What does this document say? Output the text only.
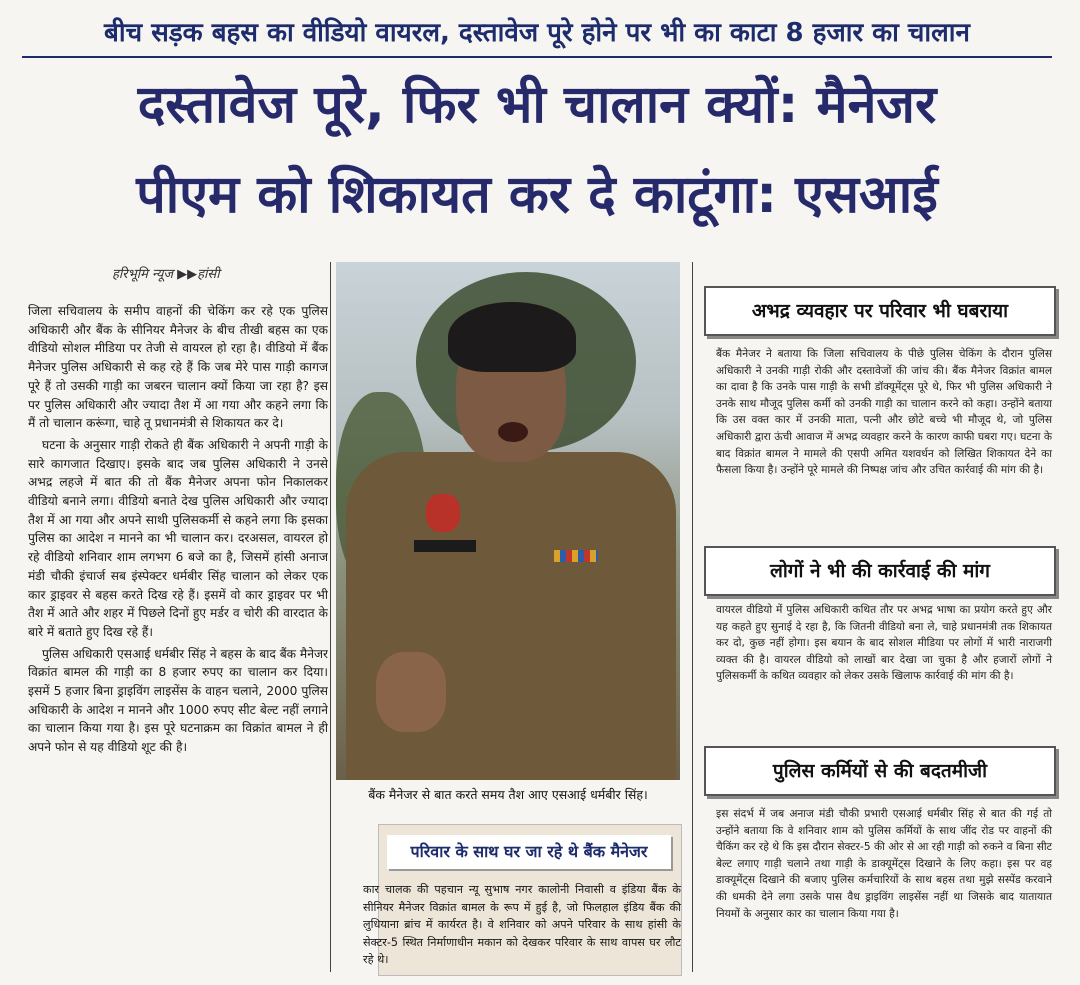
बीच सड़क बहस का वीडियो वायरल, दस्तावेज पूरे होने पर भी का काटा 8 हजार का चालान
दस्तावेज पूरे, फिर भी चालान क्यों: मैनेजर
पीएम को शिकायत कर दे काटूंगा: एसआई
हरिभूमि न्यूज ▶▶हांसी

जिला सचिवालय के समीप वाहनों की चेकिंग कर रहे एक पुलिस अधिकारी और बैंक के सीनियर मैनेजर के बीच तीखी बहस का एक वीडियो सोशल मीडिया पर तेजी से वायरल हो रहा है। वीडियो में बैंक मैनेजर पुलिस अधिकारी से कह रहे हैं कि जब मेरे पास गाड़ी कागज पूरे हैं तो उसकी गाड़ी का जबरन चालान क्यों किया जा रहा है? इस पर पुलिस अधिकारी और ज्यादा तैश में आ गया और कहने लगा कि मैं तो चालान करूंगा, चाहे तू प्रधानमंत्री से शिकायत कर दे।

घटना के अनुसार गाड़ी रोकते ही बैंक अधिकारी ने अपनी गाड़ी के सारे कागजात दिखाए। इसके बाद जब पुलिस अधिकारी ने उनसे अभद्र लहजे में बात की तो बैंक मैनेजर अपना फोन निकालकर वीडियो बनाने लगा। वीडियो बनाते देख पुलिस अधिकारी और ज्यादा तैश में आ गया और अपने साथी पुलिसकर्मी से कहने लगा कि इसका पुलिस का आदेश न मानने का भी चालान कर। दरअसल, वायरल हो रहे वीडियो शनिवार शाम लगभग 6 बजे का है, जिसमें हांसी अनाज मंडी चौकी इंचार्ज सब इंस्पेक्टर धर्मबीर सिंह चालान को लेकर एक कार ड्राइवर से बहस करते दिख रहे हैं। इसमें वो कार ड्राइवर पर भी तैश में आते और शहर में पिछले दिनों हुए मर्डर व चोरी की वारदात के बारे में बताते हुए दिख रहे हैं।

पुलिस अधिकारी एसआई धर्मबीर सिंह ने बहस के बाद बैंक मैनेजर विक्रांत बामल की गाड़ी का 8 हजार रुपए का चालान कर दिया। इसमें 5 हजार बिना ड्राइविंग लाइसेंस के वाहन चलाने, 2000 पुलिस अधिकारी के आदेश न मानने और 1000 रुपए सीट बेल्ट नहीं लगाने का चालान किया गया है। इस पूरे घटनाक्रम का विक्रांत बामल ने ही अपने फोन से यह वीडियो शूट की है।

बैंक मैनेजर से बात करते समय तैश आए एसआई धर्मबीर सिंह।
परिवार के साथ घर जा रहे थे बैंक मैनेजर
कार चालक की पहचान न्यू सुभाष नगर कालोनी निवासी व इंडिया बैंक के सीनियर मैनेजर विक्रांत बामल के रूप में हुई है, जो फिलहाल इंडिय बैंक की लुधियाना ब्रांच में कार्यरत है। वे शनिवार को अपने परिवार के साथ हांसी के सेक्टर-5 स्थित निर्माणाधीन मकान को देखकर परिवार के साथ वापस घर लौट रहे थे।
अभद्र व्यवहार पर परिवार भी घबराया
बैंक मैनेजर ने बताया कि जिला सचिवालय के पीछे पुलिस चेकिंग के दौरान पुलिस अधिकारी ने उनकी गाड़ी रोकी और दस्तावेजों की जांच की। बैंक मैनेजर विक्रांत बामल का दावा है कि उनके पास गाड़ी के सभी डॉक्यूमेंट्स पूरे थे, फिर भी पुलिस अधिकारी ने उनके साथ मौजूद पुलिस कर्मी को उनकी गाड़ी का चालान करने को कहा। उन्होंने बताया कि उस वक्त कार में उनकी माता, पत्नी और छोटे बच्चे भी मौजूद थे, जो पुलिस अधिकारी द्वारा ऊंची आवाज में अभद्र व्यवहार करने के कारण काफी घबरा गए। घटना के बाद विक्रांत बामल ने मामले की एसपी अमित यशवर्धन को लिखित शिकायत देने का फैसला किया है। उन्होंने पूरे मामले की निष्पक्ष जांच और उचित कार्रवाई की मांग की है।
लोगों ने भी की कार्रवाई की मांग
वायरल वीडियो में पुलिस अधिकारी कथित तौर पर अभद्र भाषा का प्रयोग करते हुए और यह कहते हुए सुनाई दे रहा है, कि जितनी वीडियो बना ले, चाहे प्रधानमंत्री तक शिकायत कर दो, कुछ नहीं होगा। इस बयान के बाद सोशल मीडिया पर लोगों में भारी नाराजगी व्यक्त की है। वायरल वीडियो को लाखों बार देखा जा चुका है और हजारों लोगों ने पुलिसकर्मी के कथित व्यवहार को लेकर उसके खिलाफ कार्रवाई की मांग की है।
पुलिस कर्मियों से की बदतमीजी
इस संदर्भ में जब अनाज मंडी चौकी प्रभारी एसआई धर्मबीर सिंह से बात की गई तो उन्होंने बताया कि वे शनिवार शाम को पुलिस कर्मियों के साथ जींद रोड पर वाहनों की चैकिंग कर रहे थे कि इस दौरान सेक्टर-5 की ओर से आ रही गाड़ी को रुकने व बिना सीट बेल्ट लगाए गाड़ी चलाने तथा गाड़ी के डाक्यूमेंट्स दिखाने के लिए कहा। इस पर वह डाक्यूमेंट्स दिखाने की बजाए पुलिस कर्मचारियों के साथ बहस तथा मुझे सस्पेंड करवाने की धमकी देने लगा उसके पास वैध ड्राइविंग लाइसेंस नहीं था जिसके बाद यातायात नियमों के अनुसार कार का चालान किया गया है।
